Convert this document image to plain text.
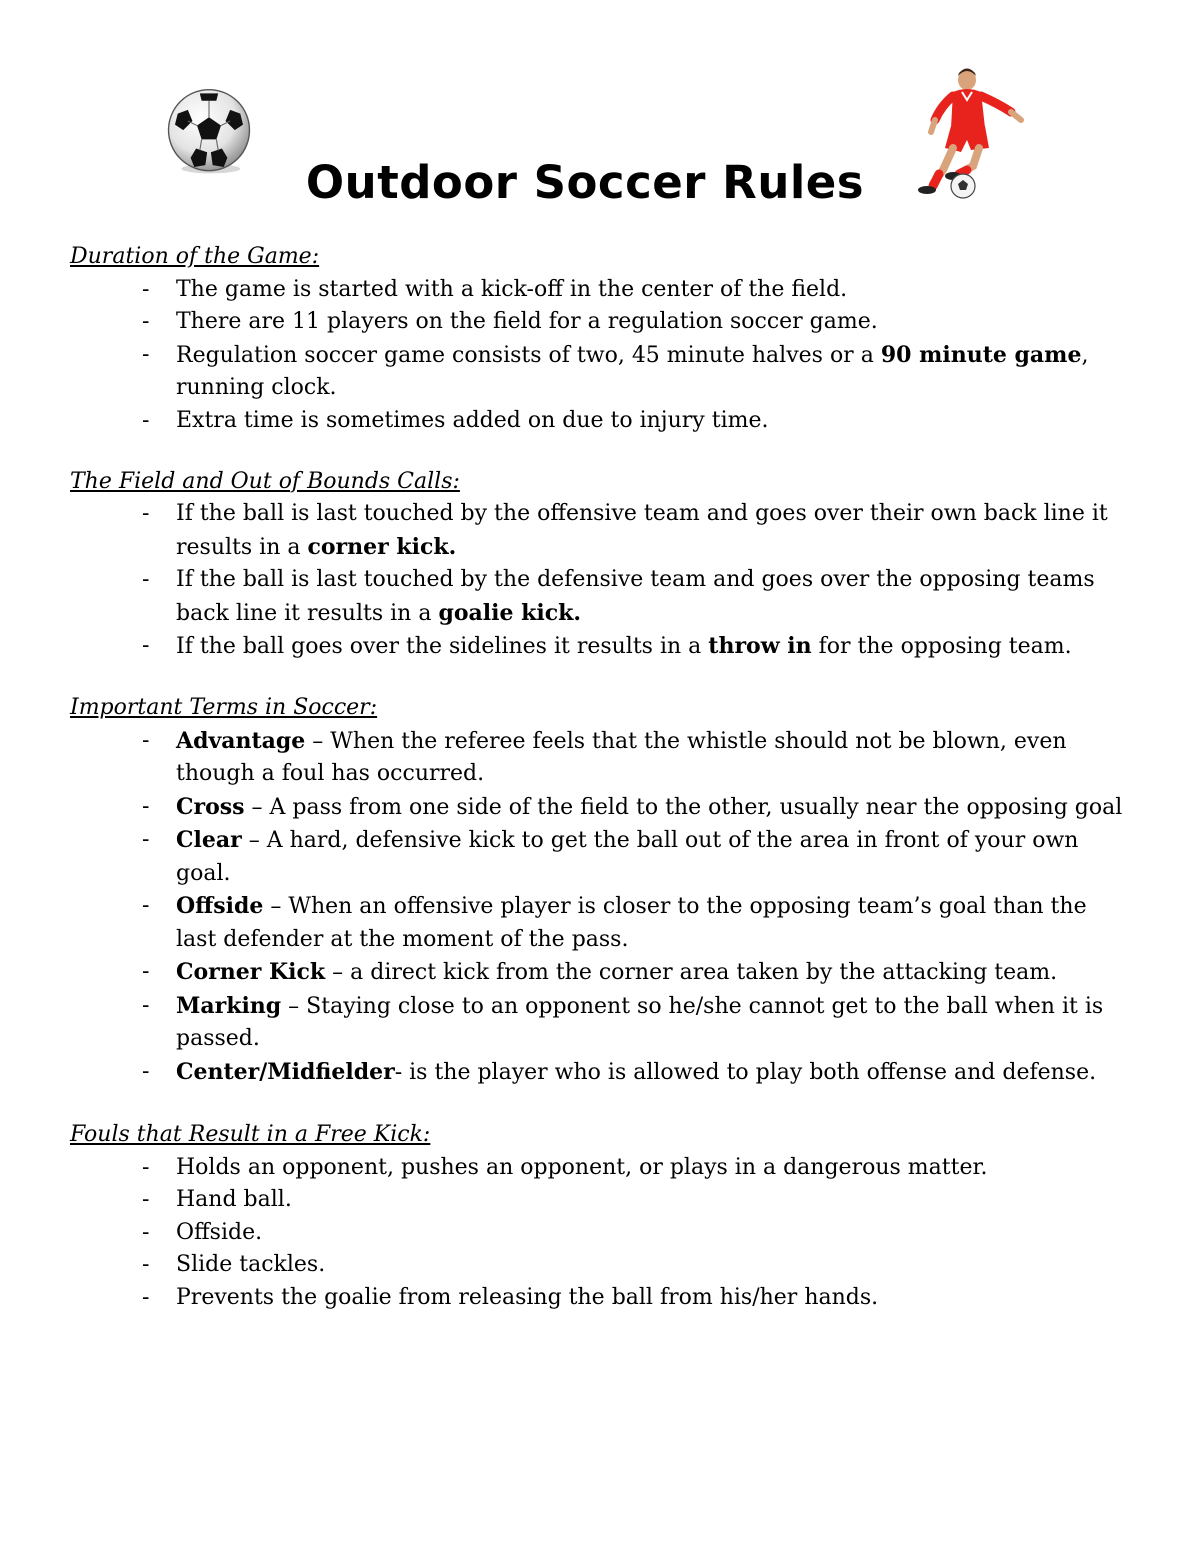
Outdoor Soccer Rules
Duration of the Game:
- The game is started with a kick-off in the center of the field.
- There are 11 players on the field for a regulation soccer game.
- Regulation soccer game consists of two, 45 minute halves or a 90 minute game, running clock.
- Extra time is sometimes added on due to injury time.
The Field and Out of Bounds Calls:
- If the ball is last touched by the offensive team and goes over their own back line it results in a corner kick.
- If the ball is last touched by the defensive team and goes over the opposing teams back line it results in a goalie kick.
- If the ball goes over the sidelines it results in a throw in for the opposing team.
Important Terms in Soccer:
- Advantage – When the referee feels that the whistle should not be blown, even though a foul has occurred.
- Cross – A pass from one side of the field to the other, usually near the opposing goal
- Clear – A hard, defensive kick to get the ball out of the area in front of your own goal.
- Offside – When an offensive player is closer to the opposing team’s goal than the last defender at the moment of the pass.
- Corner Kick – a direct kick from the corner area taken by the attacking team.
- Marking – Staying close to an opponent so he/she cannot get to the ball when it is passed.
- Center/Midfielder- is the player who is allowed to play both offense and defense.
Fouls that Result in a Free Kick:
- Holds an opponent, pushes an opponent, or plays in a dangerous matter.
- Hand ball.
- Offside.
- Slide tackles.
- Prevents the goalie from releasing the ball from his/her hands.
